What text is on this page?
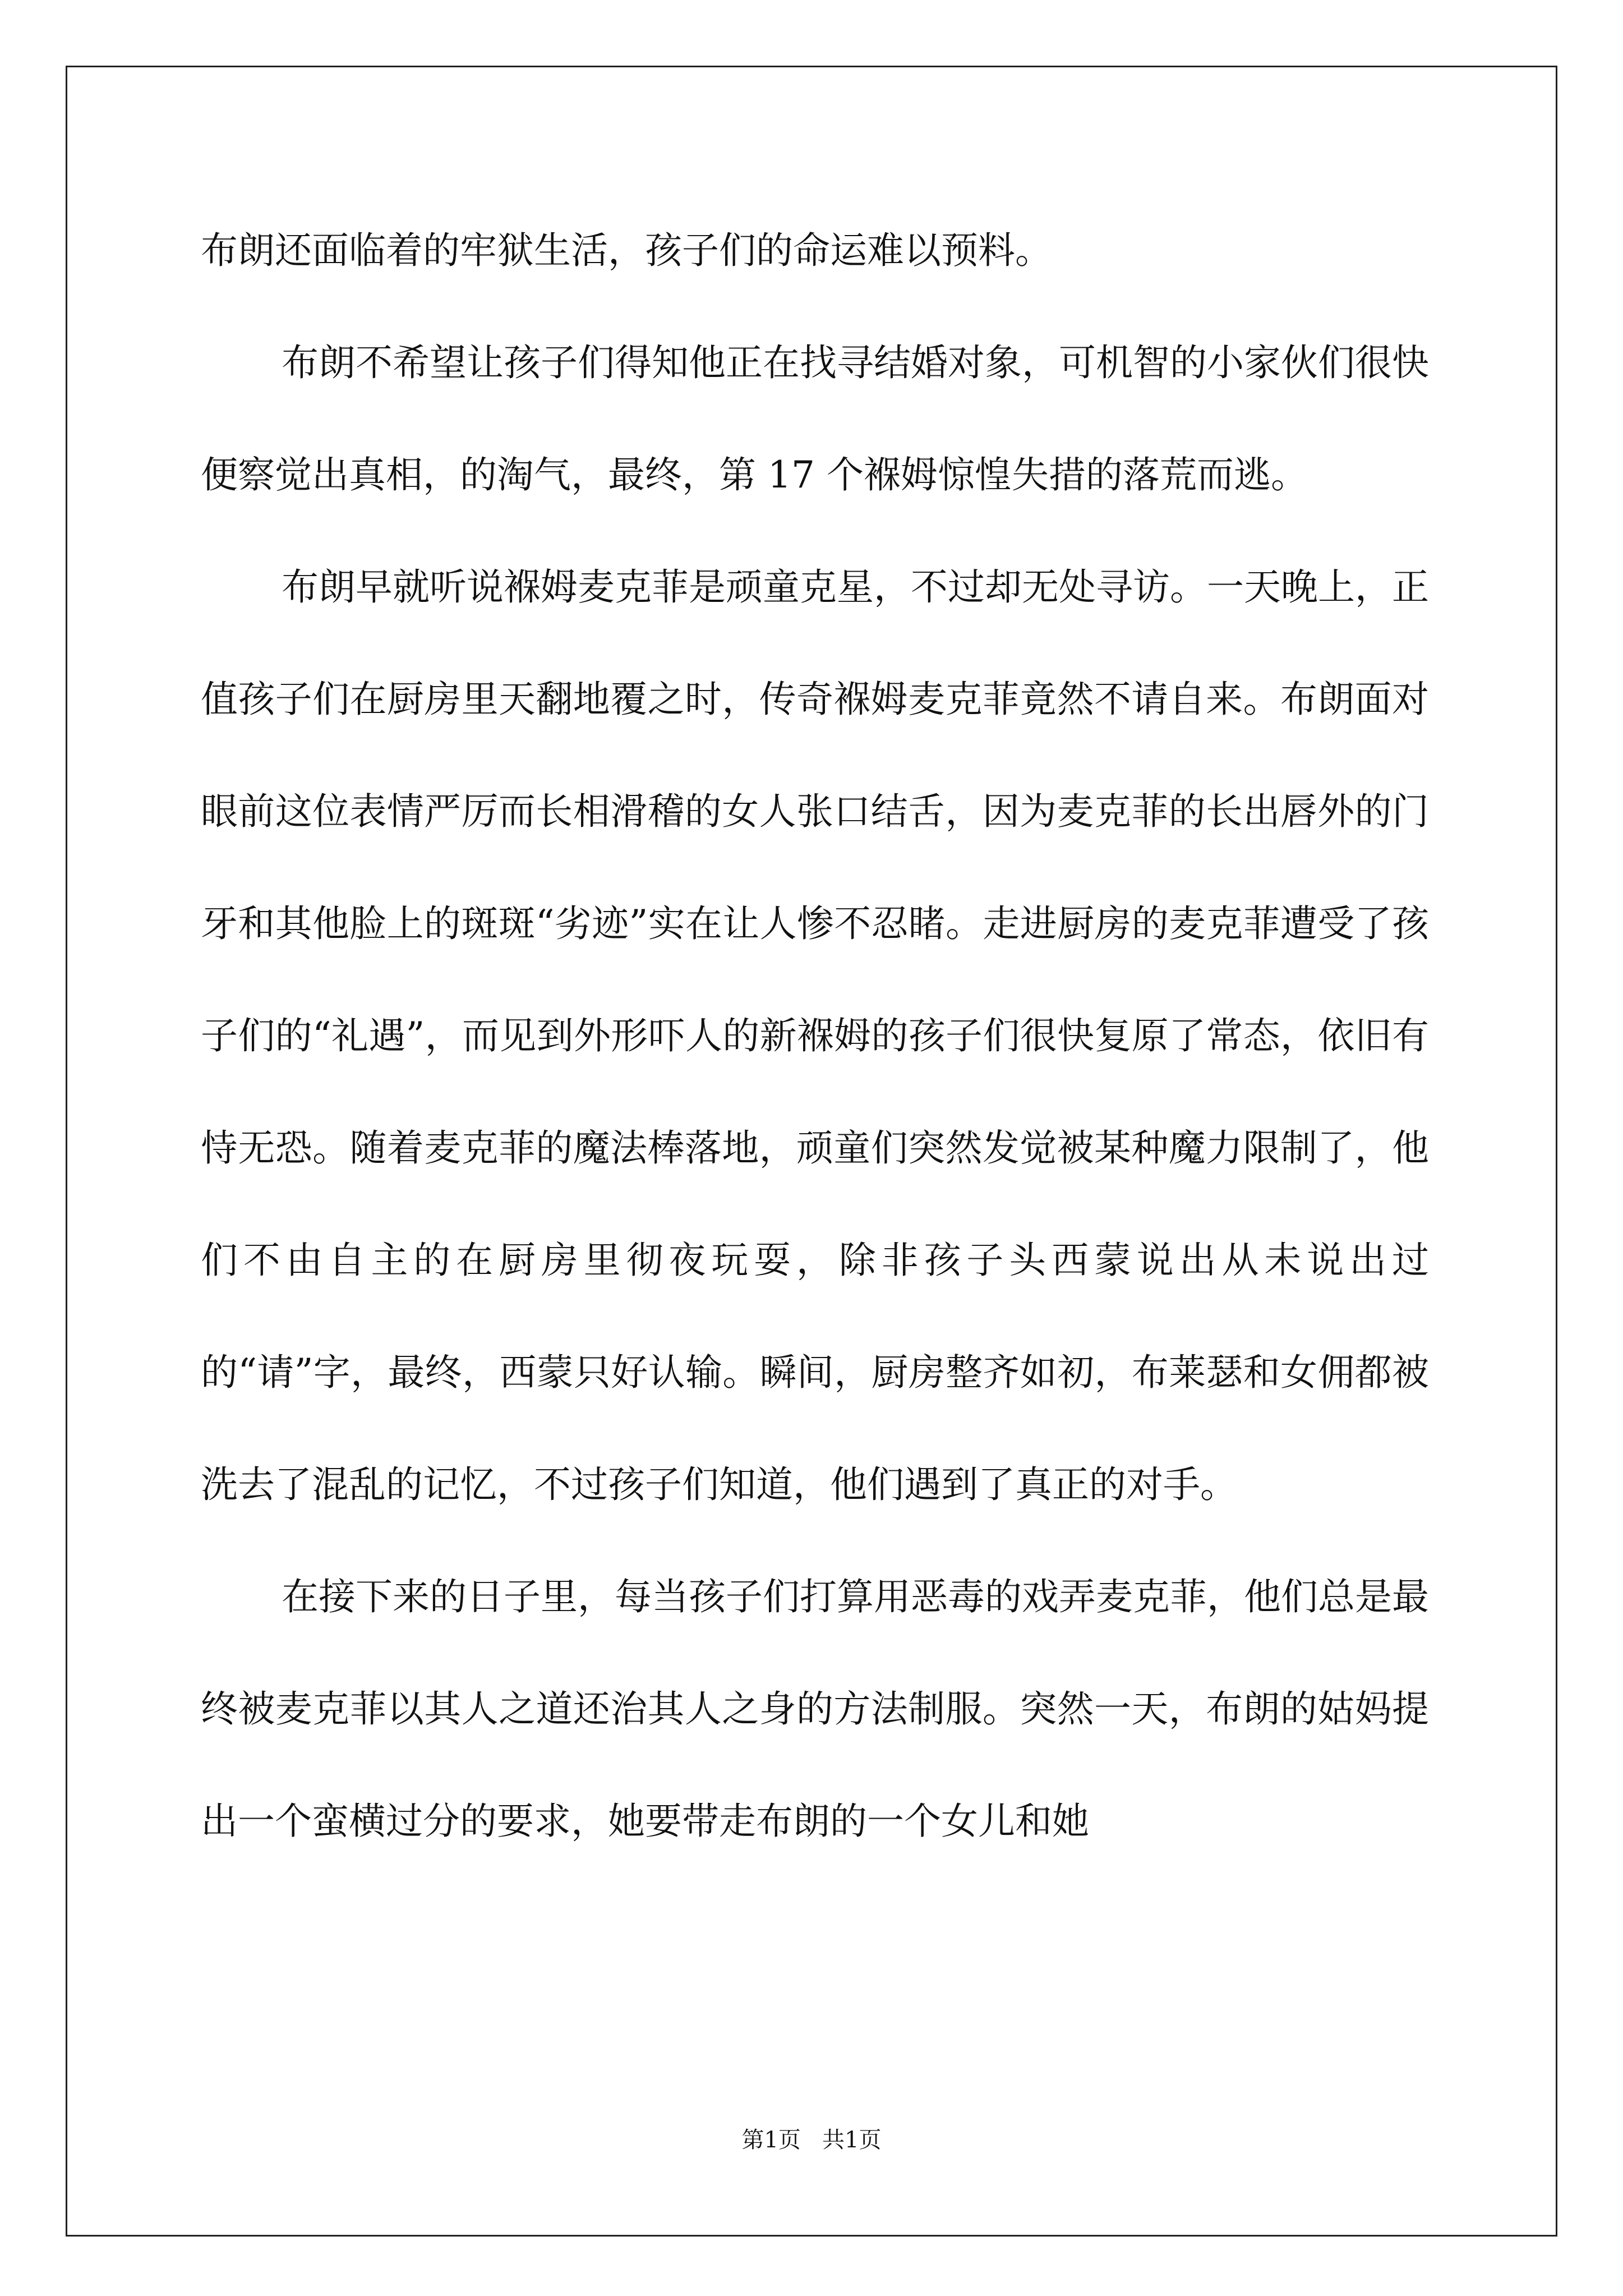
布朗还面临着的牢狱生活，孩子们的命运难以预料。

布朗不希望让孩子们得知他正在找寻结婚对象，可机智的小家伙们很快便察觉出真相，的淘气，最终，第 17 个褓姆惊惶失措的落荒而逃。

布朗早就听说褓姆麦克菲是顽童克星，不过却无处寻访。一天晚上，正值孩子们在厨房里天翻地覆之时，传奇褓姆麦克菲竟然不请自来。布朗面对眼前这位表情严厉而长相滑稽的女人张口结舌，因为麦克菲的长出唇外的门牙和其他脸上的斑斑“劣迹”实在让人惨不忍睹。走进厨房的麦克菲遭受了孩子们的“礼遇”，而见到外形吓人的新褓姆的孩子们很快复原了常态，依旧有恃无恐。随着麦克菲的魔法棒落地，顽童们突然发觉被某种魔力限制了，他们不由自主的在厨房里彻夜玩耍，除非孩子头西蒙说出从未说出过的“请”字，最终，西蒙只好认输。瞬间，厨房整齐如初，布莱瑟和女佣都被洗去了混乱的记忆，不过孩子们知道，他们遇到了真正的对手。

在接下来的日子里，每当孩子们打算用恶毒的戏弄麦克菲，他们总是最终被麦克菲以其人之道还治其人之身的方法制服。突然一天，布朗的姑妈提出一个蛮横过分的要求，她要带走布朗的一个女儿和她

第1页   共1页
